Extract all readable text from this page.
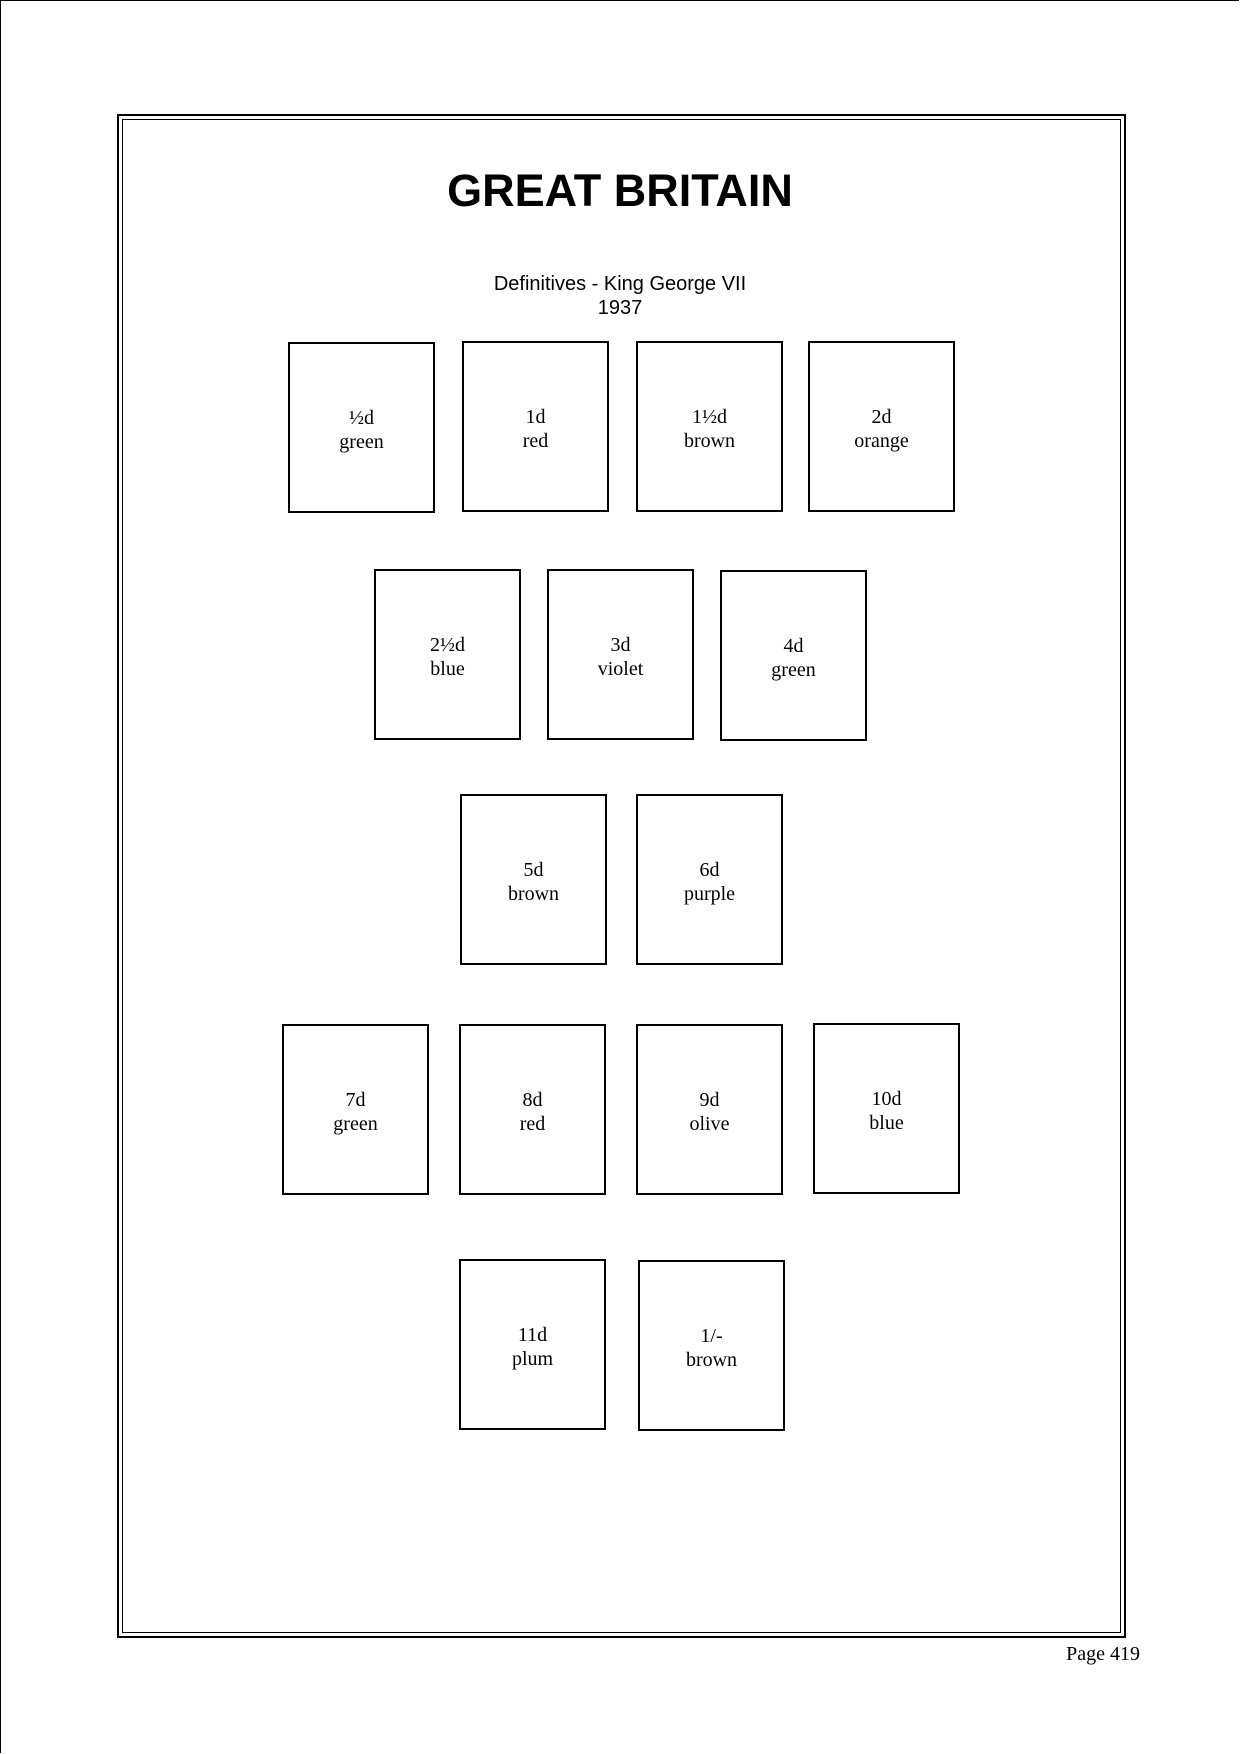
GREAT BRITAIN
Definitives - King George VII
1937
½d
green
1d
red
1½d
brown
2d
orange
2½d
blue
3d
violet
4d
green
5d
brown
6d
purple
7d
green
8d
red
9d
olive
10d
blue
11d
plum
1/-
brown
Page 419
